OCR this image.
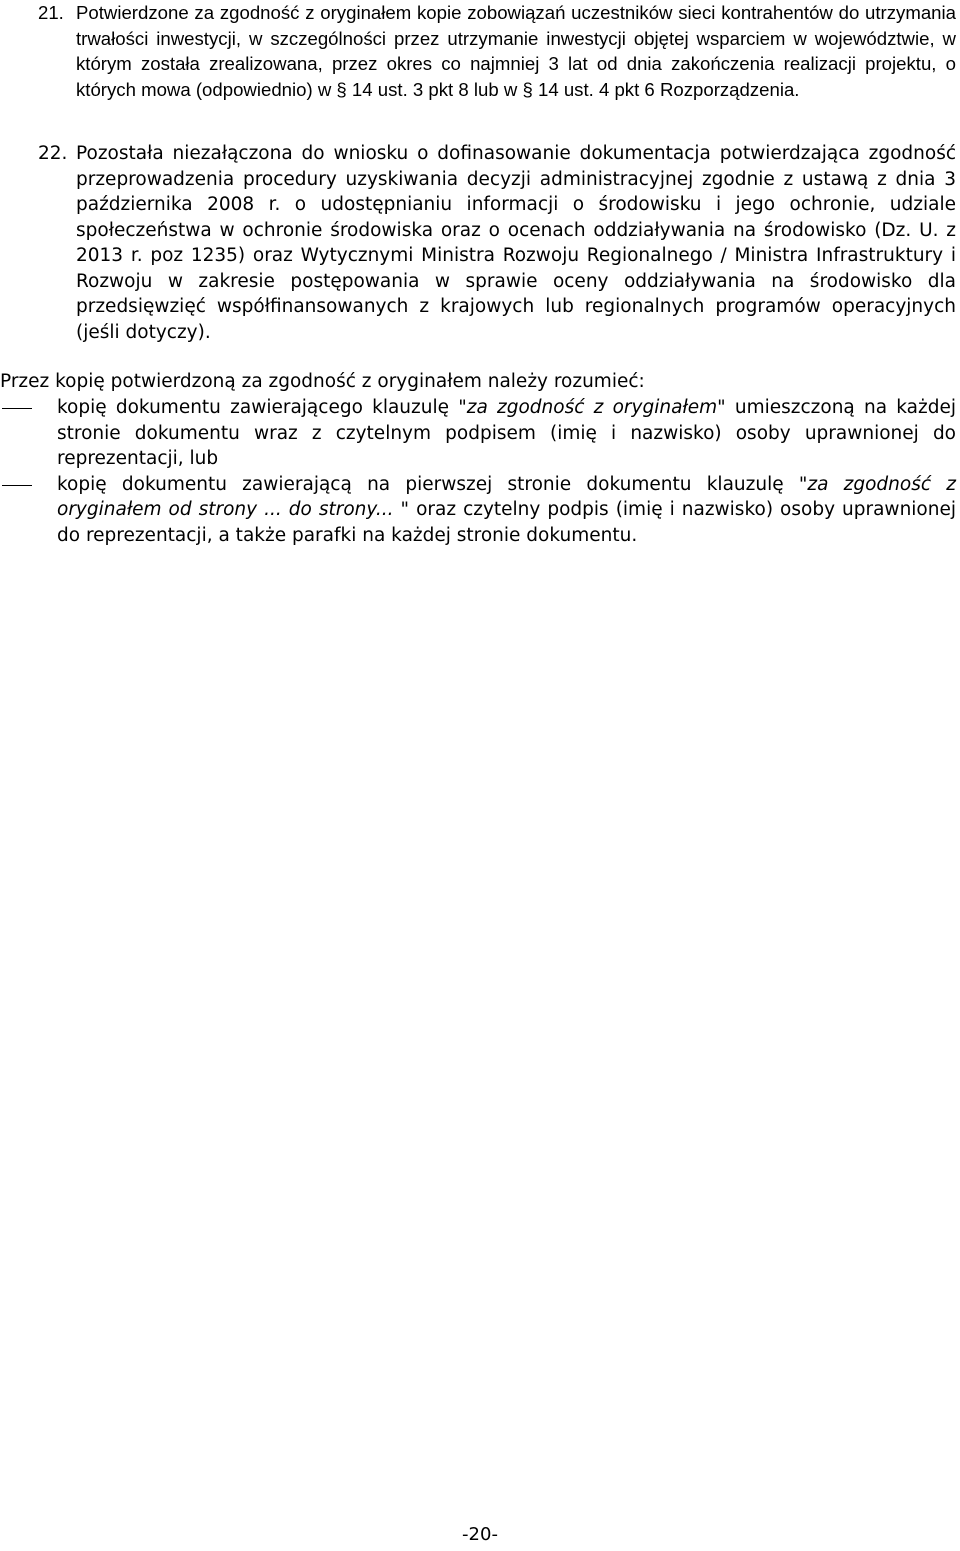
21. Potwierdzone za zgodność z oryginałem kopie zobowiązań uczestników sieci kontrahentów do utrzymania trwałości inwestycji, w szczególności przez utrzymanie inwestycji objętej wsparciem w województwie, w którym została zrealizowana, przez okres co najmniej 3 lat od dnia zakończenia realizacji projektu, o których mowa (odpowiednio) w § 14 ust. 3 pkt 8 lub w § 14 ust. 4 pkt 6 Rozporządzenia.
22. Pozostała niezałączona do wniosku o dofinasowanie dokumentacja potwierdzająca zgodność przeprowadzenia procedury uzyskiwania decyzji administracyjnej zgodnie z ustawą z dnia 3 października 2008 r. o udostępnianiu informacji o środowisku i jego ochronie, udziale społeczeństwa w ochronie środowiska oraz o ocenach oddziaływania na środowisko (Dz. U. z 2013 r. poz 1235) oraz Wytycznymi Ministra Rozwoju Regionalnego / Ministra Infrastruktury i Rozwoju w zakresie postępowania w sprawie oceny oddziaływania na środowisko dla przedsięwzięć współfinansowanych z krajowych lub regionalnych programów operacyjnych (jeśli dotyczy).
Przez kopię potwierdzoną za zgodność z oryginałem należy rozumieć:
kopię dokumentu zawierającego klauzulę "za zgodność z oryginałem" umieszczoną na każdej stronie dokumentu wraz z czytelnym podpisem (imię i nazwisko) osoby uprawnionej do reprezentacji, lub
kopię dokumentu zawierającą na pierwszej stronie dokumentu klauzulę "za zgodność z oryginałem od strony ... do strony... " oraz czytelny podpis (imię i nazwisko) osoby uprawnionej do reprezentacji, a także parafki na każdej stronie dokumentu.
-20-
